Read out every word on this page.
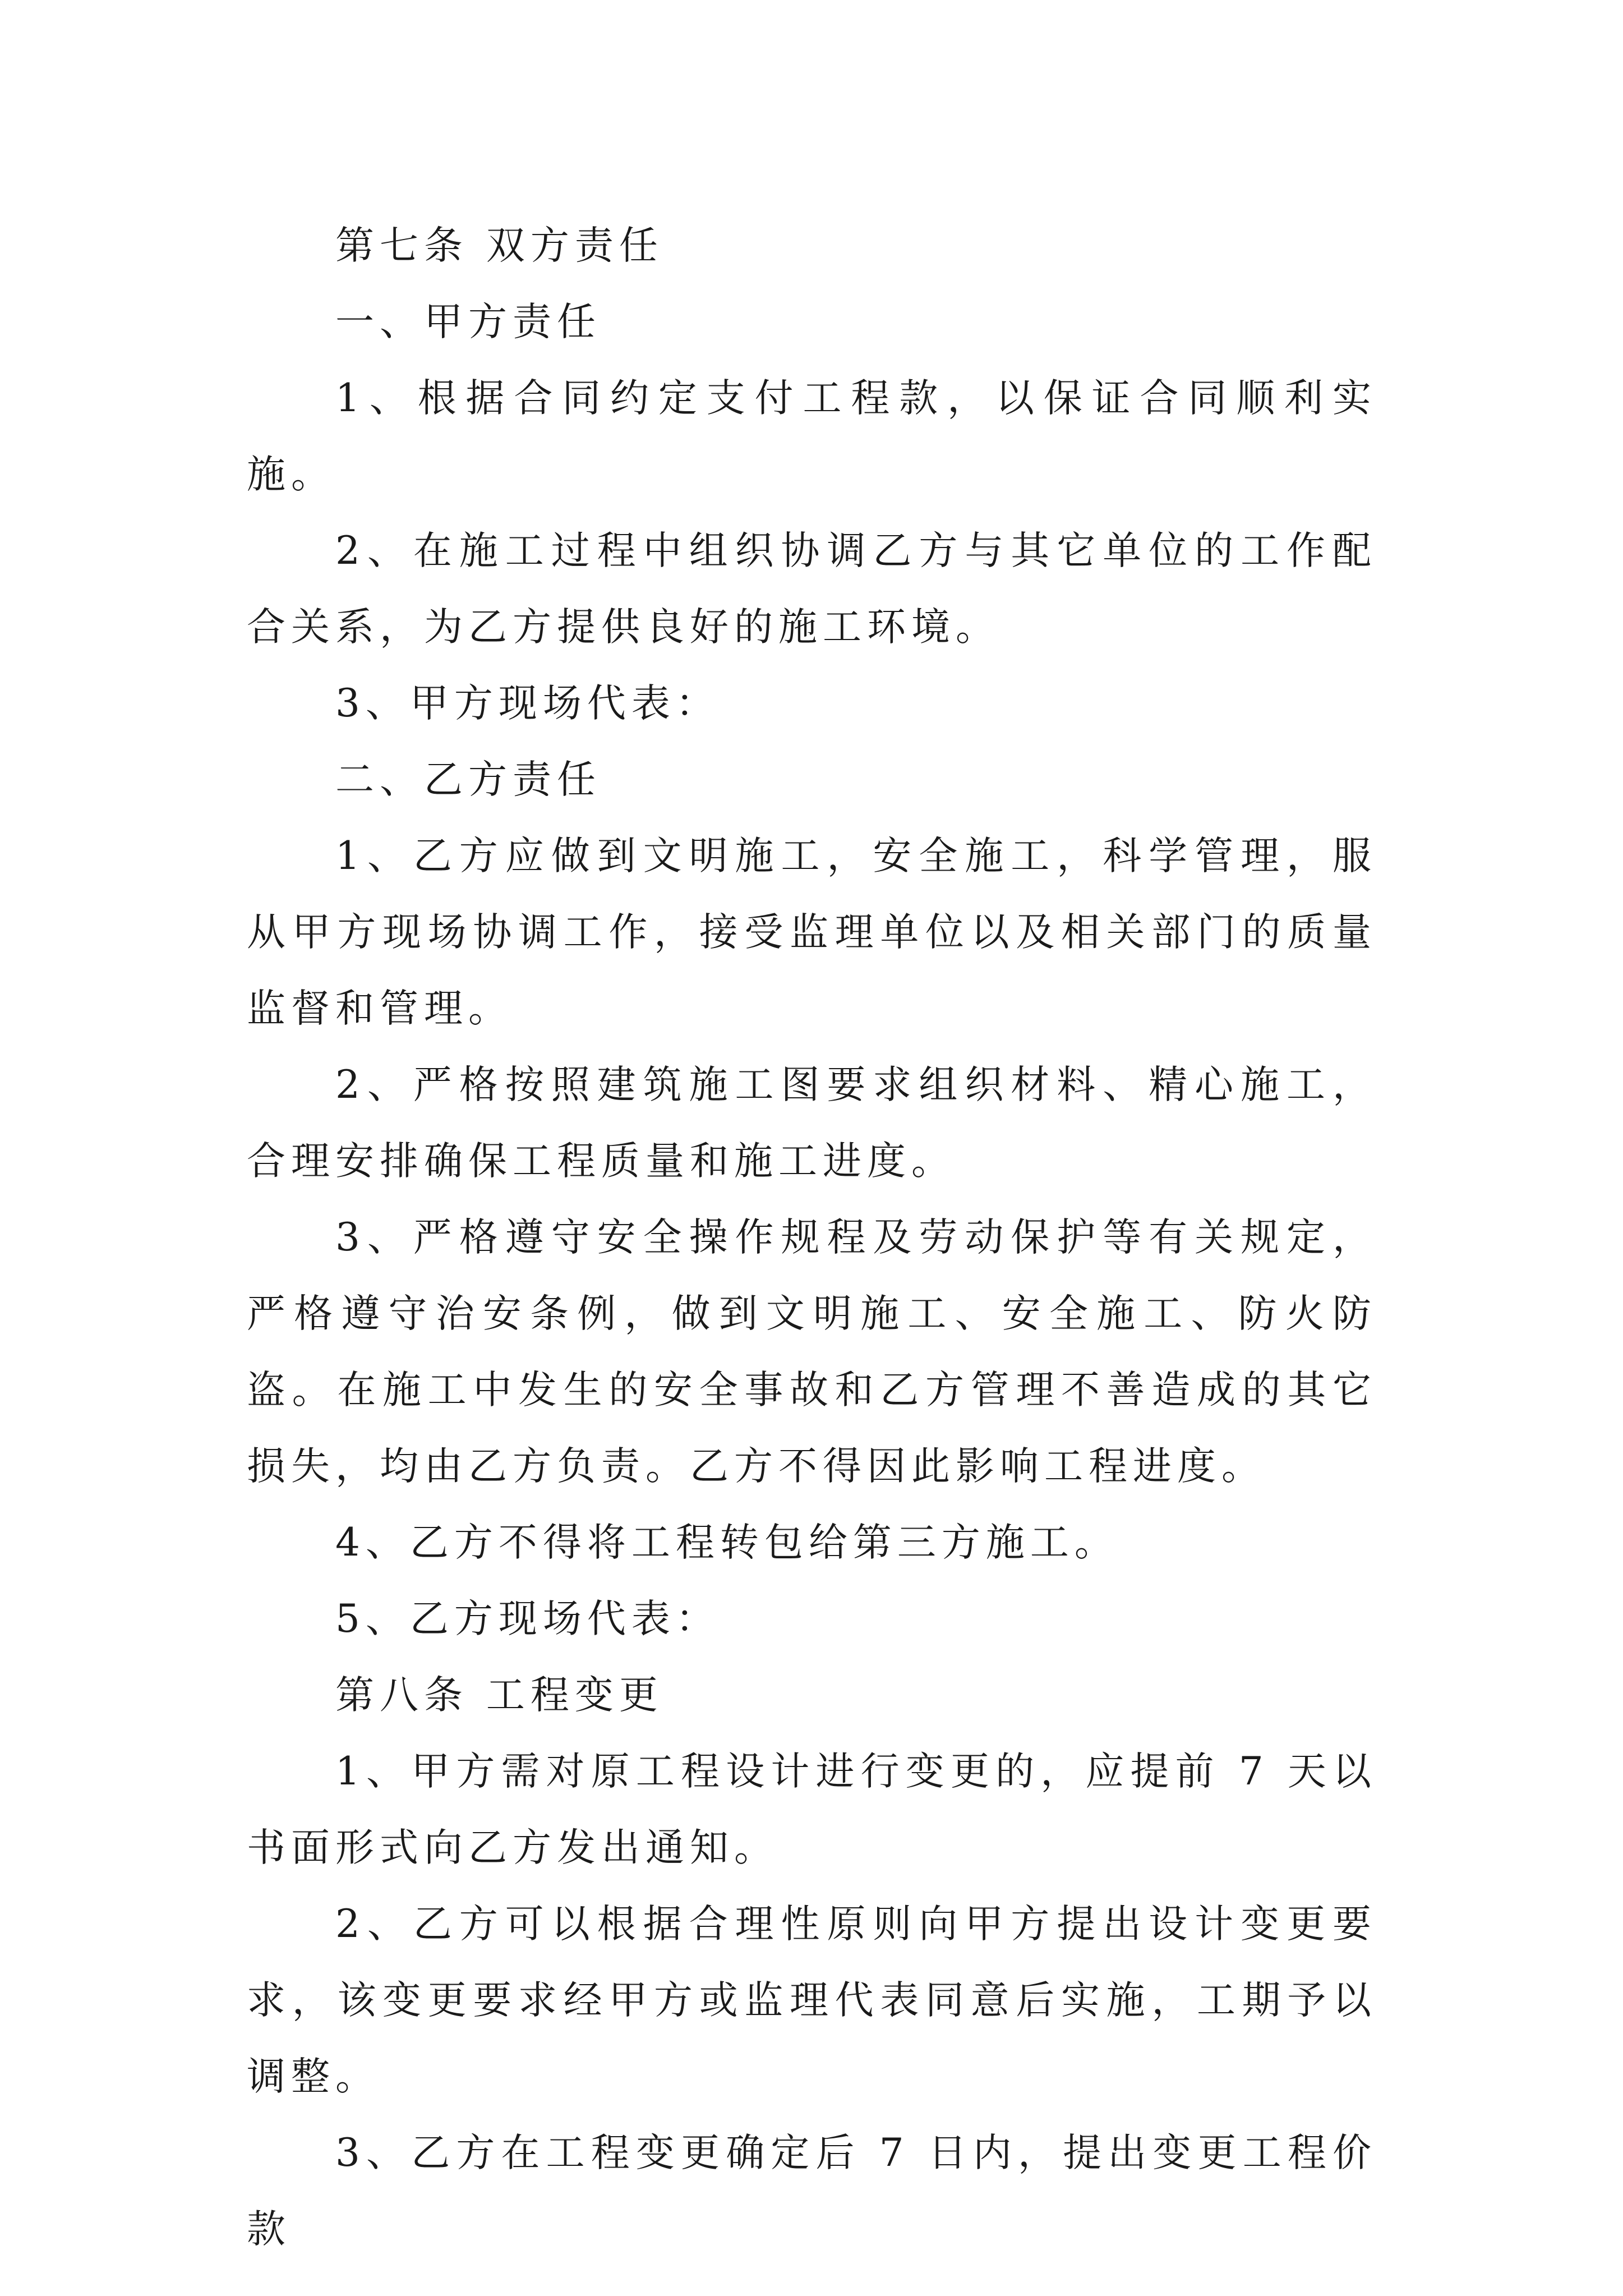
第七条 双方责任

一、甲方责任

1、根据合同约定支付工程款，以保证合同顺利实施。

2、在施工过程中组织协调乙方与其它单位的工作配合关系，为乙方提供良好的施工环境。

3、甲方现场代表：

二、乙方责任

1、乙方应做到文明施工，安全施工，科学管理，服从甲方现场协调工作，接受监理单位以及相关部门的质量监督和管理。

2、严格按照建筑施工图要求组织材料、精心施工，合理安排确保工程质量和施工进度。

3、严格遵守安全操作规程及劳动保护等有关规定，严格遵守治安条例，做到文明施工、安全施工、防火防盗。在施工中发生的安全事故和乙方管理不善造成的其它损失，均由乙方负责。乙方不得因此影响工程进度。

4、乙方不得将工程转包给第三方施工。

5、乙方现场代表：

第八条 工程变更

1、甲方需对原工程设计进行变更的，应提前 7 天以书面形式向乙方发出通知。

2、乙方可以根据合理性原则向甲方提出设计变更要求，该变更要求经甲方或监理代表同意后实施，工期予以调整。

3、乙方在工程变更确定后 7 日内，提出变更工程价款
